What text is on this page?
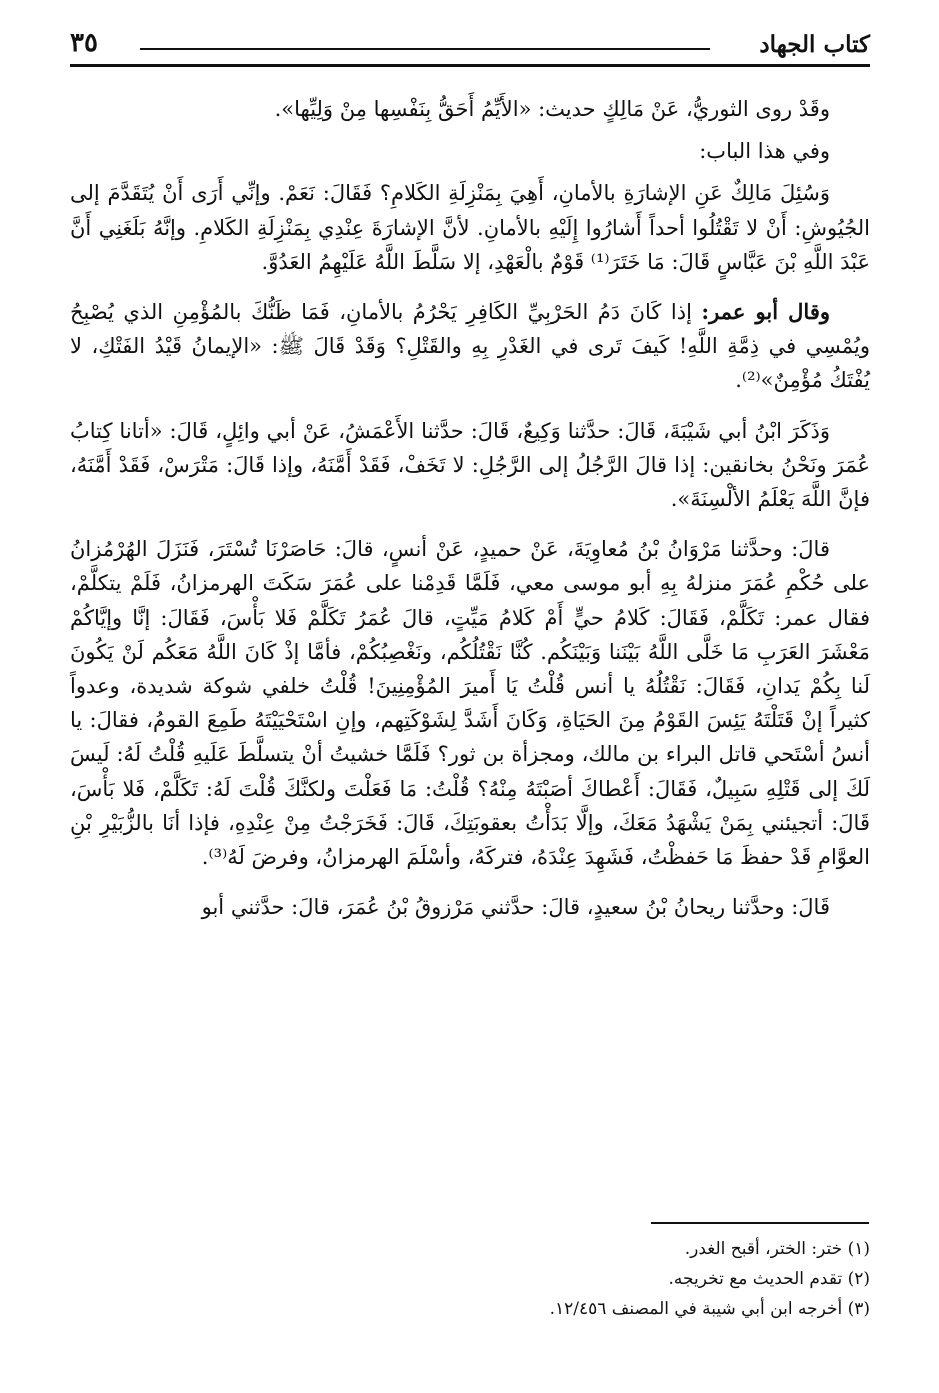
كتاب الجهاد
٣٥

وقَدْ روى الثوريُّ، عَنْ مَالِكٍ حديث: «الأَيِّمُ أَحَقُّ بِنَفْسِها مِنْ وَلِيِّها».

وفي هذا الباب:

وَسُئِلَ مَالِكٌ عَنِ الإشارَةِ بالأمانِ، أَهِيَ بِمَنْزِلَةِ الكَلامِ؟ فَقَالَ: نَعَمْ. وإنِّي أَرَى أَنْ يُتَقَدَّمَ إلى الجُيُوشِ: أَنْ لا تَقْتُلُوا أحداً أَشارُوا إِلَيْهِ بالأمانِ. لأنَّ الإشارَةَ عِنْدِي بِمَنْزِلَةِ الكَلامِ. وإنَّهُ بَلَغَنِي أَنَّ عَبْدَ اللَّهِ بْنَ عَبَّاسٍ قَالَ: مَا خَتَرَ⁽¹⁾ قَوْمٌ بالْعَهْدِ، إلا سَلَّطَ اللَّهُ عَلَيْهِمُ العَدُوَّ.

وقال أبو عمر: إذا كَانَ دَمُ الحَرْبِيِّ الكَافِرِ يَحْرُمُ بالأمانِ، فَمَا ظَنُّكَ بالمُؤْمِنِ الذي يُصْبِحُ ويُمْسِي في ذِمَّةِ اللَّهِ! كَيفَ تَرى في الغَدْرِ بِهِ والقَتْلِ؟ وَقَدْ قَالَ ﷺ: «الإيمانُ قَيْدُ الفَتْكِ، لا يُفْتَكُ مُؤْمِنٌ»⁽²⁾.

وَذَكَرَ ابْنُ أبي شَيْبَةَ، قَالَ: حدَّثنا وَكِيعٌ، قَالَ: حدَّثنا الأَعْمَشُ، عَنْ أبي وائِلٍ، قَالَ: «أتانا كِتابُ عُمَرَ ونَحْنُ بخانقين: إذا قالَ الرَّجُلُ إلى الرَّجُلِ: لا تَخَفْ، فَقَدْ أَمَّنَهُ، وإذا قَالَ: مَتْرَسْ، فَقَدْ أَمَّنَهُ، فإنَّ اللَّهَ يَعْلَمُ الألْسِنَةَ».

قالَ: وحدَّثنا مَرْوَانُ بْنُ مُعاوِيَةَ، عَنْ حميدٍ، عَنْ أنسٍ، قالَ: حَاصَرْنَا تُسْتَرَ، فَنَزَلَ الهُرْمُزانُ على حُكْمِ عُمَرَ منزلهُ بِهِ أبو موسى معي، فَلَمَّا قَدِمْنا على عُمَرَ سَكَتَ الهرمزانُ، فَلَمْ يتكلَّمْ، فقال عمر: تَكَلَّمْ، فَقَالَ: كَلامُ حيٍّ أَمْ كَلامُ مَيِّتٍ، قالَ عُمَرُ تَكَلَّمْ فَلا بَأْسَ، فَقَالَ: إنَّا وإيَّاكُمْ مَعْشَرَ العَرَبِ مَا خَلَّى اللَّهُ بَيْنَنا وَبَيْنَكُم. كُنَّا نَقْتُلُكُم، ونَغْصِبُكُمْ، فأمَّا إذْ كَانَ اللَّهُ مَعَكُم لَنْ يَكُونَ لَنا بِكُمْ يَدانِ، فَقَالَ: نَقْتُلُهُ يا أنس قُلْتُ يَا أَميرَ المُؤْمِنِينَ! قُلْتُ خلفي شوكة شديدة، وعدواً كثيراً إنْ قَتَلْتَهُ يَئِسَ القَوْمُ مِنَ الحَيَاةِ، وَكَانَ أَشَدَّ لِشَوْكَتِهم، وإنِ اسْتَحْيَيْتَهُ طَمِعَ القومُ، فقالَ: يا أنسُ أسْتَحي قاتل البراء بن مالك، ومجزأة بن ثور؟ فَلَمَّا خشيتُ أنْ يتسلَّطَ عَلَيهِ قُلْتُ لَهُ: لَيسَ لَكَ إلى قَتْلِهِ سَبِيلٌ، فَقَالَ: أَعْطاكَ أصَبْتَهُ مِنْهُ؟ قُلْتُ: مَا فَعَلْتَ ولكنَّكَ قُلْتَ لَهُ: تَكَلَّمْ، فَلا بَأْسَ، قَالَ: أتجيئني بِمَنْ يَشْهَدُ مَعَكَ، وإلَّا بَدَأْتُ بعقوبَتِكَ، قَالَ: فَخَرَجْتُ مِنْ عِنْدِهِ، فإذا أنَا بالزُّبَيْرِ بْنِ العوَّامِ قَدْ حفظَ مَا حَفظْتُ، فَشَهِدَ عِنْدَهُ، فتركَهُ، وأسْلَمَ الهرمزانُ، وفرضَ لَهُ⁽³⁾.

قَالَ: وحدَّثنا ريحانُ بْنُ سعيدٍ، قالَ: حدَّثني مَرْزوقُ بْنُ عُمَرَ، قالَ: حدَّثني أبو

(١) ختر: الختر، أقبح الغدر.

(٢) تقدم الحديث مع تخريجه.

(٣) أخرجه ابن أبي شيبة في المصنف ١٢/٤٥٦.
